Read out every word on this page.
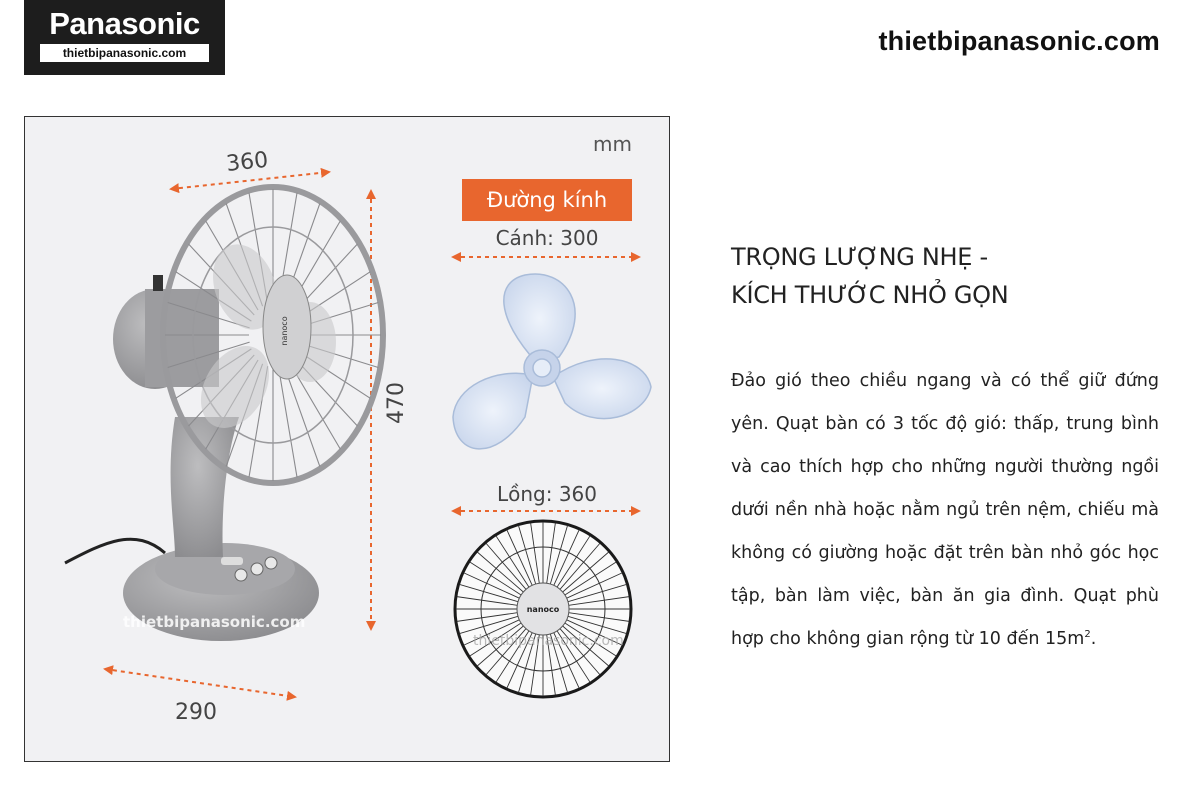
Panasonic
thietbipanasonic.com	thietbipanasonic.com
mm
360
470
290
nanoco
thietbipanasonic.com
Đường kính
Cánh: 300
Lồng: 360
nanoco
thietbipanasonic.com
TRỌNG LƯỢNG NHẸ -
KÍCH THƯỚC NHỎ GỌN
Đảo gió theo chiều ngang và có thể giữ đứng yên. Quạt bàn có 3 tốc độ gió: thấp, trung bình và cao thích hợp cho những người thường ngồi dưới nền nhà hoặc nằm ngủ trên nệm, chiếu mà không có giường hoặc đặt trên bàn nhỏ góc học tập, bàn làm việc, bàn ăn gia đình. Quạt phù hợp cho không gian rộng từ 10 đến $15m^2$.
